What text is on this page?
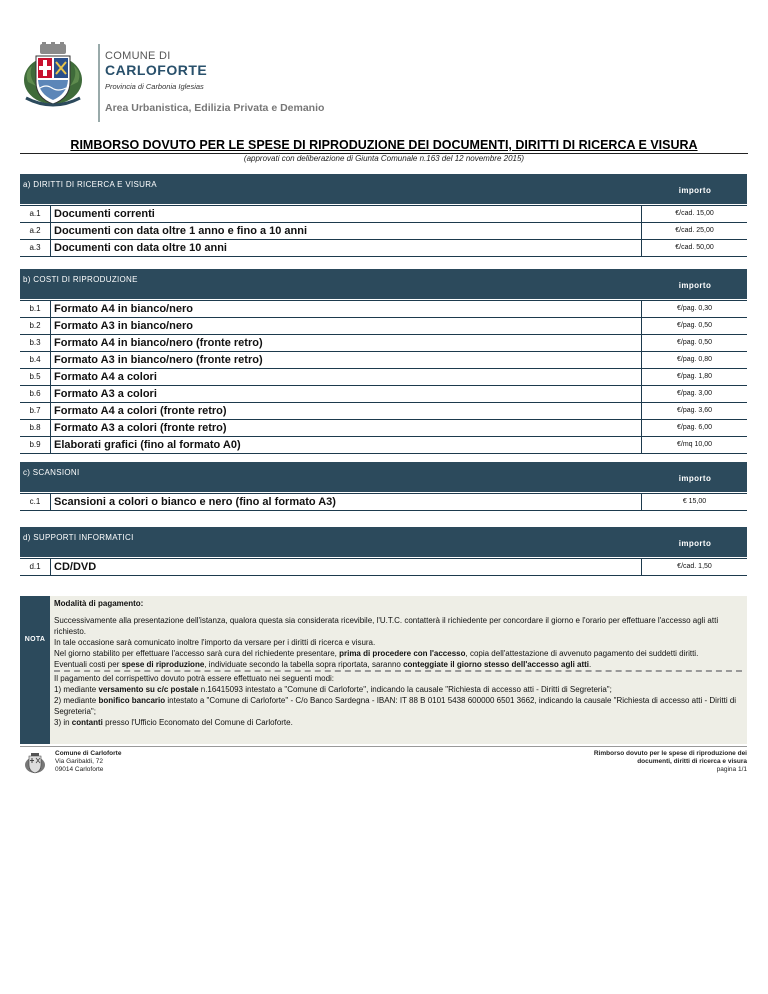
COMUNE DI
CARLOFORTE
Provincia di Carbonia Iglesias
Area Urbanistica, Edilizia Privata e Demanio
RIMBORSO DOVUTO PER LE SPESE DI RIPRODUZIONE DEI DOCUMENTI, DIRITTI DI RICERCA E VISURA
(approvati con deliberazione di Giunta Comunale n.163 del 12 novembre 2015)
a) DIRITTI DI RICERCA E VISURA
importo
a.1	Documenti correnti	€/cad. 15,00
a.2	Documenti con data oltre 1 anno e fino a 10 anni	€/cad. 25,00
a.3	Documenti con data oltre 10 anni	€/cad. 50,00
b) COSTI DI RIPRODUZIONE
importo
b.1	Formato A4 in bianco/nero	€/pag. 0,30
b.2	Formato A3 in bianco/nero	€/pag. 0,50
b.3	Formato A4 in bianco/nero (fronte retro)	€/pag. 0,50
b.4	Formato A3 in bianco/nero (fronte retro)	€/pag. 0,80
b.5	Formato A4 a colori	€/pag. 1,80
b.6	Formato A3 a colori	€/pag. 3,00
b.7	Formato A4 a colori (fronte retro)	€/pag. 3,60
b.8	Formato A3 a colori (fronte retro)	€/pag. 6,00
b.9	Elaborati grafici (fino al formato A0)	€/mq 10,00
c) SCANSIONI
importo
c.1	Scansioni a colori o bianco e nero (fino al formato A3)	€ 15,00
d) SUPPORTI INFORMATICI
importo
d.1	CD/DVD	€/cad. 1,50
NOTA

Modalità di pagamento:

Successivamente alla presentazione dell'istanza, qualora questa sia considerata ricevibile, l'U.T.C. contatterà il richiedente per concordare il giorno e l'orario per effettuare l'accesso agli atti richiesto.

In tale occasione sarà comunicato inoltre l'importo da versare per i diritti di ricerca e visura.

Nel giorno stabilito per effettuare l'accesso sarà cura del richiedente presentare, prima di procedere con l'accesso, copia dell'attestazione di avvenuto pagamento dei suddetti diritti.

Eventuali costi per spese di riproduzione, individuate secondo la tabella sopra riportata, saranno conteggiate il giorno stesso dell'accesso agli atti.

Il pagamento del corrispettivo dovuto potrà essere effettuato nei seguenti modi:

1) mediante versamento su c/c postale n.16415093 intestato a "Comune di Carloforte", indicando la causale "Richiesta di accesso atti - Diritti di Segreteria";

2) mediante bonifico bancario intestato a "Comune di Carloforte" - C/o Banco Sardegna - IBAN: IT 88 B 0101 5438 600000 6501 3662, indicando la causale "Richiesta di accesso atti - Diritti di Segreteria";

3) in contanti presso l'Ufficio Economato del Comune di Carloforte.

Comune di Carloforte
Via Garibaldi, 72
09014 Carloforte
Rimborso dovuto per le spese di riproduzione dei
documenti, diritti di ricerca e visura
pagina 1/1
